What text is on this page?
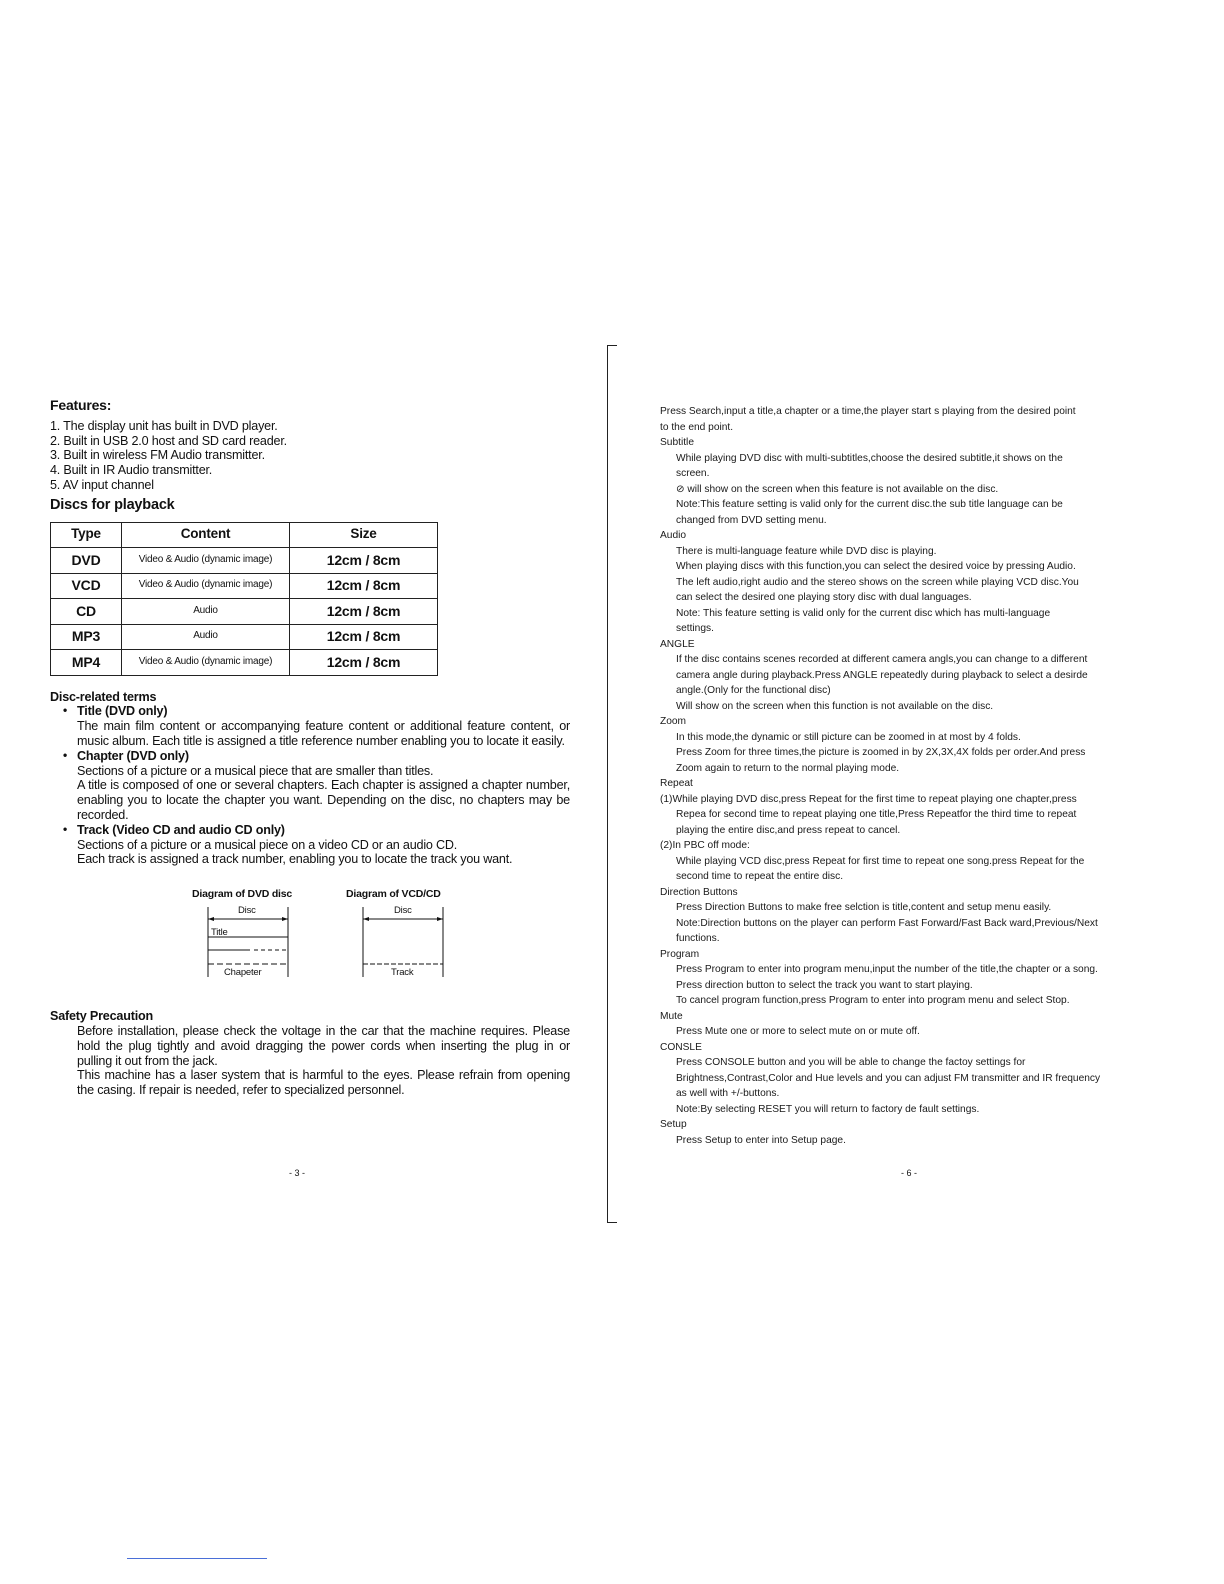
Features:
1. The display unit has built in DVD player.
2. Built in USB 2.0 host and SD card reader.
3. Built in wireless FM Audio transmitter.
4. Built in IR Audio transmitter.
5. AV input channel
Discs for playback
Type	Content	Size
DVD	Video & Audio (dynamic image)	12cm / 8cm
VCD	Video & Audio (dynamic image)	12cm / 8cm
CD	Audio	12cm / 8cm
MP3	Audio	12cm / 8cm
MP4	Video & Audio (dynamic image)	12cm / 8cm
Disc-related terms
• Title (DVD only)

The main film content or accompanying feature content or additional feature content, or music album. Each title is assigned a title reference number enabling you to locate it easily.

• Chapter (DVD only)

Sections of a picture or a musical piece that are smaller than titles.

A title is composed of one or several chapters. Each chapter is assigned a chapter number, enabling you to locate the chapter you want. Depending on the disc, no chapters may be recorded.

• Track (Video CD and audio CD only)

Sections of a picture or a musical piece on a video CD or an audio CD.

Each track is assigned a track number, enabling you to locate the track you want.

Diagram of DVD disc	Diagram of VCD/CD
Disc
Title
Chapeter
Disc
Track
Safety Precaution

Before installation, please check the voltage in the car that the machine requires. Please hold the plug tightly and avoid dragging the power cords when inserting the plug in or pulling it out from the jack.

This machine has a laser system that is harmful to the eyes. Please refrain from opening the casing. If repair is needed, refer to specialized personnel.

- 3 -
Press Search,input a title,a chapter or a time,the player start s playing from the desired point
to the end point.
Subtitle
While playing DVD disc with multi-subtitles,choose the desired subtitle,it shows on the
screen.
⊘ will show on the screen when this feature is not available on the disc.
Note:This feature setting is valid only for the current disc.the sub title language can be
changed from DVD setting menu.
Audio
There is multi-language feature while DVD disc is playing.
When playing discs with this function,you can select the desired voice by pressing Audio.
The left audio,right audio and the stereo shows on the screen while playing VCD disc.You
can select the desired one playing story disc with dual languages.
Note: This feature setting is valid only for the current disc which has multi-language
settings.
ANGLE
If the disc contains scenes recorded at different camera angls,you can change to a different
camera angle during playback.Press ANGLE repeatedly during playback to select a desirde
angle.(Only for the functional disc)
Will show on the screen when this function is not available on the disc.
Zoom
In this mode,the dynamic or still picture can be zoomed in at most by 4 folds.
Press Zoom for three times,the picture is zoomed in by 2X,3X,4X folds per order.And press
Zoom again to return to the normal playing mode.
Repeat
(1)While playing DVD disc,press Repeat for the first time to repeat playing one chapter,press
Repea for second time to repeat playing one title,Press Repeatfor the third time to repeat
playing the entire disc,and press repeat to cancel.
(2)In PBC off mode:
While playing VCD disc,press Repeat for first time to repeat one song.press Repeat for the
second time to repeat the entire disc.
Direction Buttons
Press Direction Buttons to make free selction is title,content and setup menu easily.
Note:Direction buttons on the player can perform Fast Forward/Fast Back ward,Previous/Next
functions.
Program
Press Program to enter into program menu,input the number of the title,the chapter or a song.
Press direction button to select the track you want to start playing.
To cancel program function,press Program to enter into program menu and select Stop.
Mute
Press Mute one or more to select mute on or mute off.
CONSLE
Press CONSOLE button and you will be able to change the factoy settings for
Brightness,Contrast,Color and Hue levels and you can adjust FM transmitter and IR frequency
as well with +/-buttons.
Note:By selecting RESET you will return to factory de fault settings.
Setup
Press Setup to enter into Setup page.
- 6 -
